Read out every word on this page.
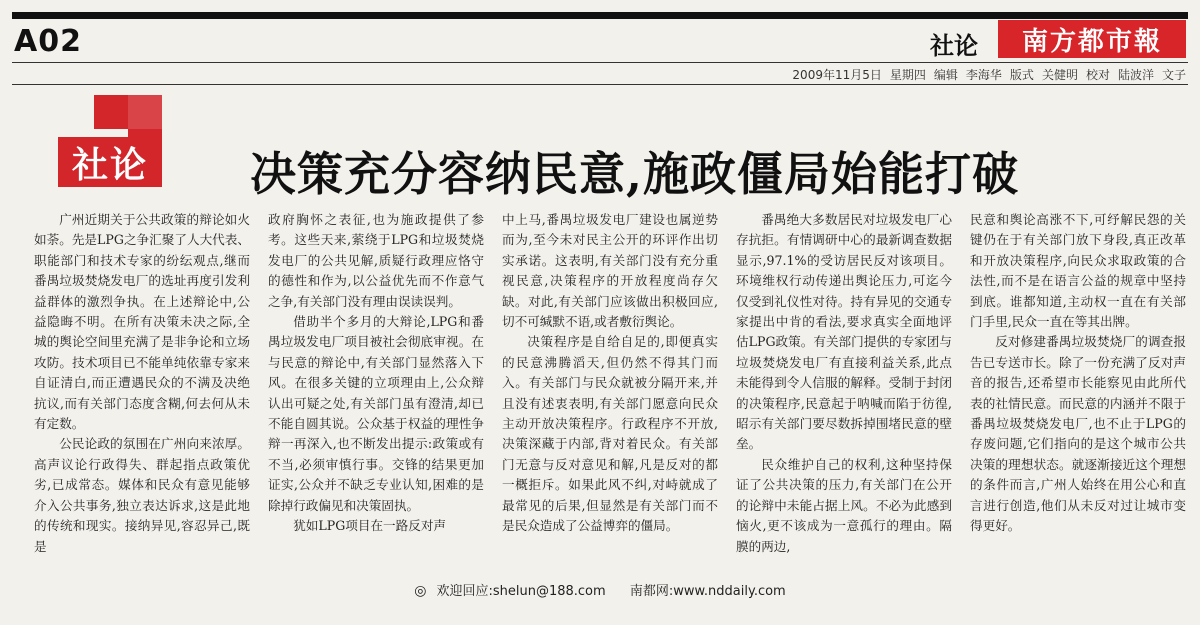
A02	社论 南方都市報
2009年11月5日 星期四 编辑 李海华 版式 关健明 校对 陆波洋 文子
社论	决策充分容纳民意,施政僵局始能打破

广州近期关于公共政策的辩论如火如荼。先是LPG之争汇聚了人大代表、职能部门和技术专家的纷纭观点,继而番禺垃圾焚烧发电厂的选址再度引发利益群体的激烈争执。在上述辩论中,公益隐晦不明。在所有决策未决之际,全城的舆论空间里充满了是非争论和立场攻防。技术项目已不能单纯依靠专家来自证清白,而正遭遇民众的不满及决绝抗议,而有关部门态度含糊,何去何从未有定数。

公民论政的氛围在广州向来浓厚。高声议论行政得失、群起指点政策优劣,已成常态。媒体和民众有意见能够介入公共事务,独立表达诉求,这是此地的传统和现实。接纳异见,容忍异己,既是

政府胸怀之表征,也为施政提供了参考。这些天来,萦绕于LPG和垃圾焚烧发电厂的公共见解,质疑行政理应恪守的德性和作为,以公益优先而不作意气之争,有关部门没有理由误读误判。

借助半个多月的大辩论,LPG和番禺垃圾发电厂项目被社会彻底审视。在与民意的辩论中,有关部门显然落入下风。在很多关键的立项理由上,公众辩认出可疑之处,有关部门虽有澄清,却已不能自圆其说。公众基于权益的理性争辩一再深入,也不断发出提示:政策或有不当,必须审慎行事。交锋的结果更加证实,公众并不缺乏专业认知,困难的是除掉行政偏见和决策固执。

犹如LPG项目在一路反对声

中上马,番禺垃圾发电厂建设也属逆势而为,至今未对民主公开的环评作出切实承诺。这表明,有关部门没有充分重视民意,决策程序的开放程度尚存欠缺。对此,有关部门应该做出积极回应,切不可缄默不语,或者敷衍舆论。

决策程序是自给自足的,即便真实的民意沸腾滔天,但仍然不得其门而入。有关部门与民众就被分隔开来,并且没有述衷表明,有关部门愿意向民众主动开放决策程序。行政程序不开放,决策深藏于内部,背对着民众。有关部门无意与反对意见和解,凡是反对的都一概拒斥。如果此风不纠,对峙就成了最常见的后果,但显然是有关部门而不是民众造成了公益博弈的僵局。

番禺绝大多数居民对垃圾发电厂心存抗拒。有情调研中心的最新调查数据显示,97.1%的受访居民反对该项目。环境维权行动传递出舆论压力,可迄今仅受到礼仪性对待。持有异见的交通专家提出中肯的看法,要求真实全面地评估LPG政策。有关部门提供的专家团与垃圾焚烧发电厂有直接利益关系,此点未能得到令人信服的解释。受制于封闭的决策程序,民意起于呐喊而陷于彷徨,昭示有关部门要尽数拆掉围堵民意的壁垒。

民众维护自己的权利,这种坚持保证了公共决策的压力,有关部门在公开的论辩中未能占据上风。不必为此感到恼火,更不该成为一意孤行的理由。隔膜的两边,

民意和舆论高涨不下,可纾解民怨的关键仍在于有关部门放下身段,真正改革和开放决策程序,向民众求取政策的合法性,而不是在语言公益的规章中坚持到底。谁都知道,主动权一直在有关部门手里,民众一直在等其出牌。

反对修建番禺垃圾焚烧厂的调查报告已专送市长。除了一份充满了反对声音的报告,还希望市长能察见由此所代表的社情民意。而民意的内涵并不限于番禺垃圾焚烧发电厂,也不止于LPG的存废问题,它们指向的是这个城市公共决策的理想状态。就逐渐接近这个理想的条件而言,广州人始终在用公心和直言进行创造,他们从未反对过让城市变得更好。

◎ 欢迎回应:shelun@188.com 南都网:www.nddaily.com
